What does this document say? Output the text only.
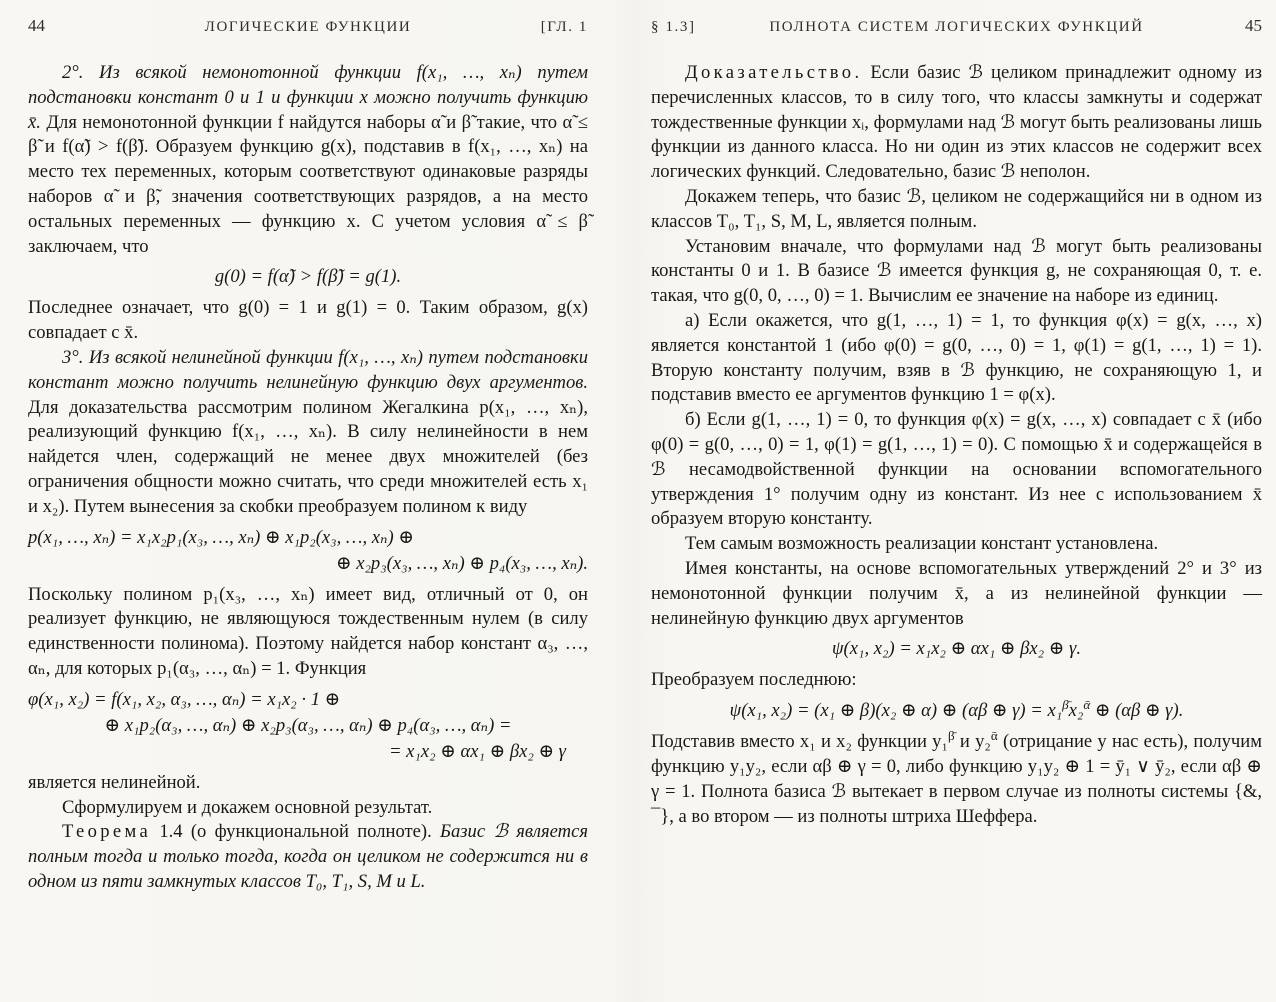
44	ЛОГИЧЕСКИЕ ФУНКЦИИ	[ГЛ. 1

2°. Из всякой немонотонной функции f(x₁, …, xₙ) путем подстановки констант 0 и 1 и функции x можно получить функцию x̄. Для немонотонной функции f найдутся наборы α̃ и β̃ такие, что α̃ ≤ β̃ и f(α̃) > f(β̃). Образуем функцию g(x), подставив в f(x₁, …, xₙ) на место тех переменных, которым соответствуют одинаковые разряды наборов α̃ и β̃, значения соответствующих разрядов, а на место остальных переменных — функцию x. С учетом условия α̃ ≤ β̃ заключаем, что

g(0) = f(α̃) > f(β̃) = g(1).

Последнее означает, что g(0) = 1 и g(1) = 0. Таким образом, g(x) совпадает с x̄.

3°. Из всякой нелинейной функции f(x₁, …, xₙ) путем подстановки констант можно получить нелинейную функцию двух аргументов. Для доказательства рассмотрим полином Жегалкина p(x₁, …, xₙ), реализующий функцию f(x₁, …, xₙ). В силу нелинейности в нем найдется член, содержащий не менее двух множителей (без ограничения общности можно считать, что среди множителей есть x₁ и x₂). Путем вынесения за скобки преобразуем полином к виду

p(x₁, …, xₙ) = x₁x₂p₁(x₃, …, xₙ) ⊕ x₁p₂(x₃, …, xₙ) ⊕
⊕ x₂p₃(x₃, …, xₙ) ⊕ p₄(x₃, …, xₙ).

Поскольку полином p₁(x₃, …, xₙ) имеет вид, отличный от 0, он реализует функцию, не являющуюся тождественным нулем (в силу единственности полинома). Поэтому найдется набор констант α₃, …, αₙ, для которых p₁(α₃, …, αₙ) = 1. Функция

φ(x₁, x₂) = f(x₁, x₂, α₃, …, αₙ) = x₁x₂ · 1 ⊕
⊕ x₁p₂(α₃, …, αₙ) ⊕ x₂p₃(α₃, …, αₙ) ⊕ p₄(α₃, …, αₙ) =
= x₁x₂ ⊕ αx₁ ⊕ βx₂ ⊕ γ

является нелинейной.

Сформулируем и докажем основной результат.

Теорема 1.4 (о функциональной полноте). Базис ℬ является полным тогда и только тогда, когда он целиком не содержится ни в одном из пяти замкнутых классов T₀, T₁, S, M и L.

§ 1.3]	ПОЛНОТА СИСТЕМ ЛОГИЧЕСКИХ ФУНКЦИЙ	45

Доказательство. Если базис ℬ целиком принадлежит одному из перечисленных классов, то в силу того, что классы замкнуты и содержат тождественные функции xᵢ, формулами над ℬ могут быть реализованы лишь функции из данного класса. Но ни один из этих классов не содержит всех логических функций. Следовательно, базис ℬ неполон.

Докажем теперь, что базис ℬ, целиком не содержащийся ни в одном из классов T₀, T₁, S, M, L, является полным.

Установим вначале, что формулами над ℬ могут быть реализованы константы 0 и 1. В базисе ℬ имеется функция g, не сохраняющая 0, т. е. такая, что g(0, 0, …, 0) = 1. Вычислим ее значение на наборе из единиц.

а) Если окажется, что g(1, …, 1) = 1, то функция φ(x) = g(x, …, x) является константой 1 (ибо φ(0) = g(0, …, 0) = 1, φ(1) = g(1, …, 1) = 1). Вторую константу получим, взяв в ℬ функцию, не сохраняющую 1, и подставив вместо ее аргументов функцию 1 = φ(x).

б) Если g(1, …, 1) = 0, то функция φ(x) = g(x, …, x) совпадает с x̄ (ибо φ(0) = g(0, …, 0) = 1, φ(1) = g(1, …, 1) = 0). С помощью x̄ и содержащейся в ℬ несамодвойственной функции на основании вспомогательного утверждения 1° получим одну из констант. Из нее с использованием x̄ образуем вторую константу.

Тем самым возможность реализации констант установлена.

Имея константы, на основе вспомогательных утверждений 2° и 3° из немонотонной функции получим x̄, а из нелинейной функции — нелинейную функцию двух аргументов

ψ(x₁, x₂) = x₁x₂ ⊕ αx₁ ⊕ βx₂ ⊕ γ.

Преобразуем последнюю:

ψ(x₁, x₂) = (x₁ ⊕ β)(x₂ ⊕ α) ⊕ (αβ ⊕ γ) = x₁$^{\betā}$x₂$^ᾱ$ ⊕ (αβ ⊕ γ).

Подставив вместо x₁ и x₂ функции y₁$^{\betā}$ и y₂$^ᾱ$ (отрицание у нас есть), получим функцию y₁y₂, если αβ ⊕ γ = 0, либо функцию y₁y₂ ⊕ 1 = ȳ₁ ∨ ȳ₂, если αβ ⊕ γ = 1. Полнота базиса ℬ вытекает в первом случае из полноты системы {&, ¯}, а во втором — из полноты штриха Шеффера.
